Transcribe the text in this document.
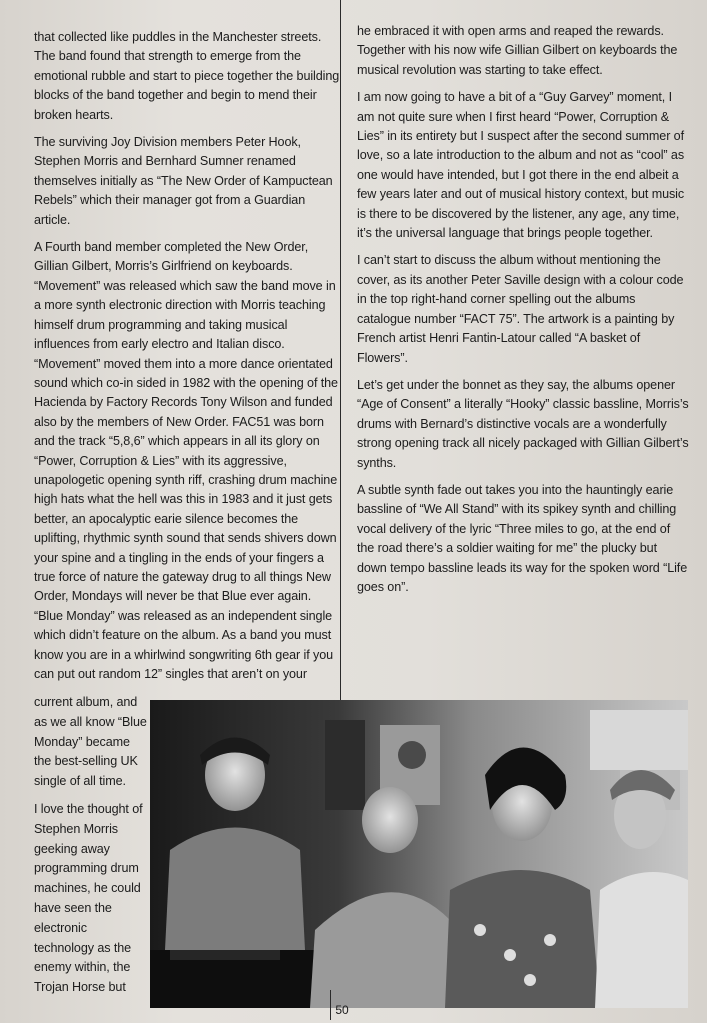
that collected like puddles in the Manchester streets. The band found that strength to emerge from the emotional rubble and start to piece together the building blocks of the band together and begin to mend their broken hearts.

The surviving Joy Division members Peter Hook, Stephen Morris and Bernhard Sumner renamed themselves initially as “The New Order of Kampuctean Rebels” which their manager got from a Guardian article.

A Fourth band member completed the New Order, Gillian Gilbert, Morris’s Girlfriend on keyboards. “Movement” was released which saw the band move in a more synth electronic direction with Morris teaching himself drum programming and taking musical influences from early electro and Italian disco. “Movement” moved them into a more dance orientated sound which co-in sided in 1982 with the opening of the Hacienda by Factory Records Tony Wilson and funded also by the members of New Order. FAC51 was born and the track “5,8,6” which appears in all its glory on “Power, Corruption & Lies” with its aggressive, unapologetic opening synth riff, crashing drum machine high hats what the hell was this in 1983 and it just gets better, an apocalyptic earie silence becomes the uplifting, rhythmic synth sound that sends shivers down your spine and a tingling in the ends of your fingers a true force of nature the gateway drug to all things New Order, Mondays will never be that Blue ever again. “Blue Monday” was released as an independent single which didn’t feature on the album. As a band you must know you are in a whirlwind songwriting 6th gear if you can put out random 12” singles that aren’t on your

current album, and as we all know “Blue Monday” became the best-selling UK single of all time.

I love the thought of Stephen Morris geeking away programming drum machines, he could have seen the electronic technology as the enemy within, the Trojan Horse but

he embraced it with open arms and reaped the rewards. Together with his now wife Gillian Gilbert on keyboards the musical revolution was starting to take effect.

I am now going to have a bit of a “Guy Garvey” moment, I am not quite sure when I first heard “Power, Corruption & Lies” in its entirety but I suspect after the second summer of love, so a late introduction to the album and not as “cool” as one would have intended, but I got there in the end albeit a few years later and out of musical history context, but music is there to be discovered by the listener, any age, any time, it’s the universal language that brings people together.

I can’t start to discuss the album without mentioning the cover, as its another Peter Saville design with a colour code in the top right-hand corner spelling out the albums catalogue number “FACT 75”. The artwork is a painting by French artist Henri Fantin-Latour called “A basket of Flowers”.

Let’s get under the bonnet as they say, the albums opener “Age of Consent” a literally “Hooky” classic bassline, Morris’s drums with Bernard’s distinctive vocals are a wonderfully strong opening track all nicely packaged with Gillian Gilbert’s synths.

A subtle synth fade out takes you into the hauntingly earie bassline of “We All Stand” with its spikey synth and chilling vocal delivery of the lyric “Three miles to go, at the end of the road there’s a soldier waiting for me” the plucky but down tempo bassline leads its way for the spoken word “Life goes on”.

50
